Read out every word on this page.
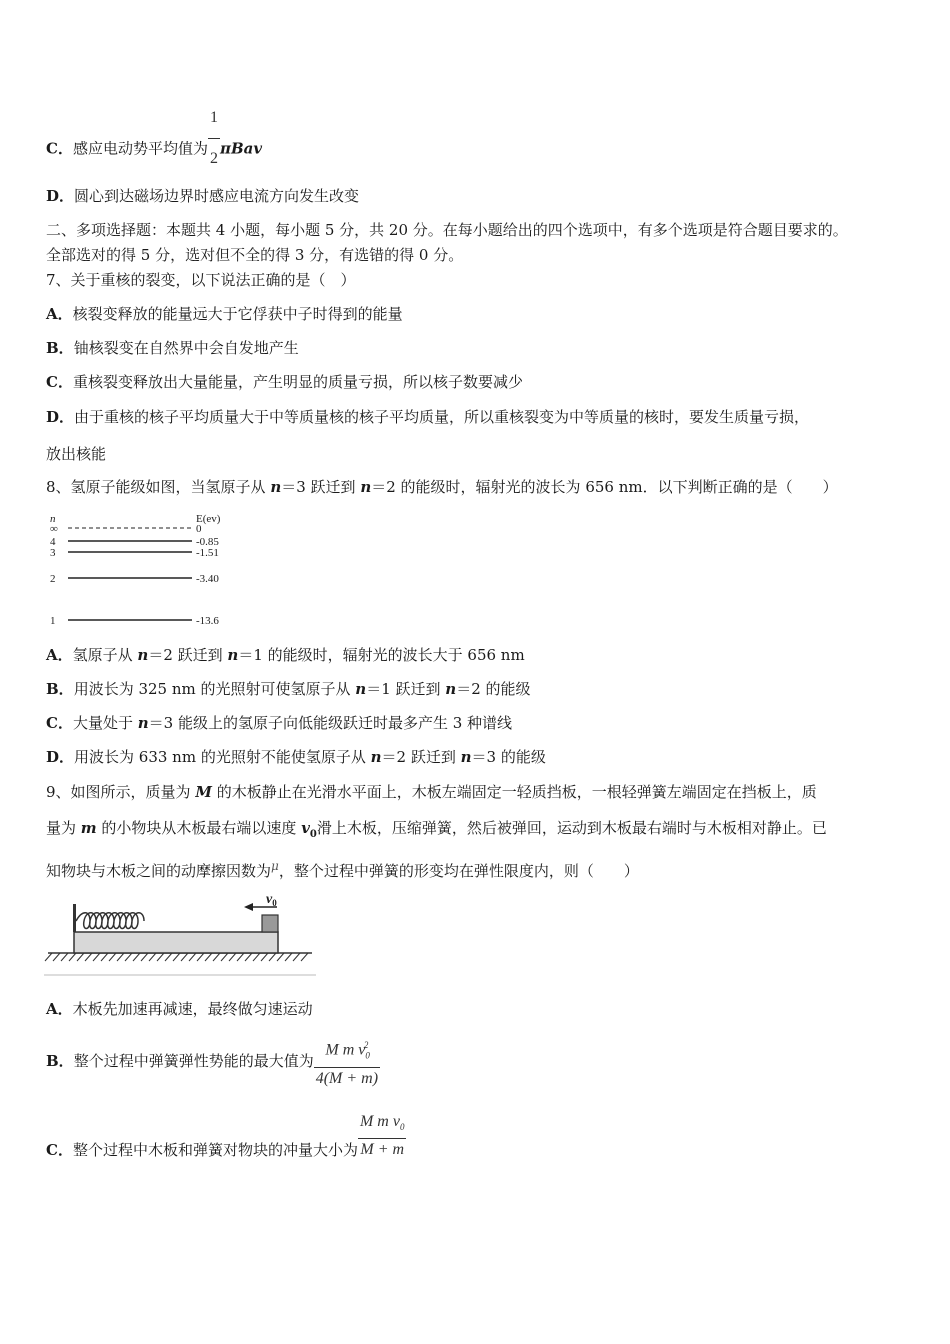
C．感应电动势平均值为 $\frac{1}{2}$ πBav
D．圆心到达磁场边界时感应电流方向发生改变
二、多项选择题：本题共 4 小题，每小题 5 分，共 20 分。在每小题给出的四个选项中，有多个选项是符合题目要求的。
全部选对的得 5 分，选对但不全的得 3 分，有选错的得 0 分。
7、关于重核的裂变，以下说法正确的是（　）
A．核裂变释放的能量远大于它俘获中子时得到的能量
B．铀核裂变在自然界中会自发地产生
C．重核裂变释放出大量能量，产生明显的质量亏损，所以核子数要减少
D．由于重核的核子平均质量大于中等质量核的核子平均质量，所以重核裂变为中等质量的核时，要发生质量亏损，
放出核能
8、氢原子能级如图，当氢原子从 n＝3 跃迁到 n＝2 的能级时，辐射光的波长为 656 nm．以下判断正确的是（　　）
n	E(ev)
∞	0
4	-0.85
3	-1.51
2	-3.40
1	-13.6
A．氢原子从 n＝2 跃迁到 n＝1 的能级时，辐射光的波长大于 656 nm
B．用波长为 325 nm 的光照射可使氢原子从 n＝1 跃迁到 n＝2 的能级
C．大量处于 n＝3 能级上的氢原子向低能级跃迁时最多产生 3 种谱线
D．用波长为 633 nm 的光照射不能使氢原子从 n＝2 跃迁到 n＝3 的能级
9、如图所示，质量为 M 的木板静止在光滑水平面上，木板左端固定一轻质挡板，一根轻弹簧左端固定在挡板上，质
量为 m 的小物块从木板最右端以速度 $v_0$滑上木板，压缩弹簧，然后被弹回，运动到木板最右端时与木板相对静止。已
知物块与木板之间的动摩擦因数为$^\mu$，整个过程中弹簧的形变均在弹性限度内，则（　　）
$v_0$
A．木板先加速再减速，最终做匀速运动
B．整个过程中弹簧弹性势能的最大值为 $\frac{M m v_0^2}{4(M + m)}$
C．整个过程中木板和弹簧对物块的冲量大小为 $\frac{M m v_0}{M + m}$
